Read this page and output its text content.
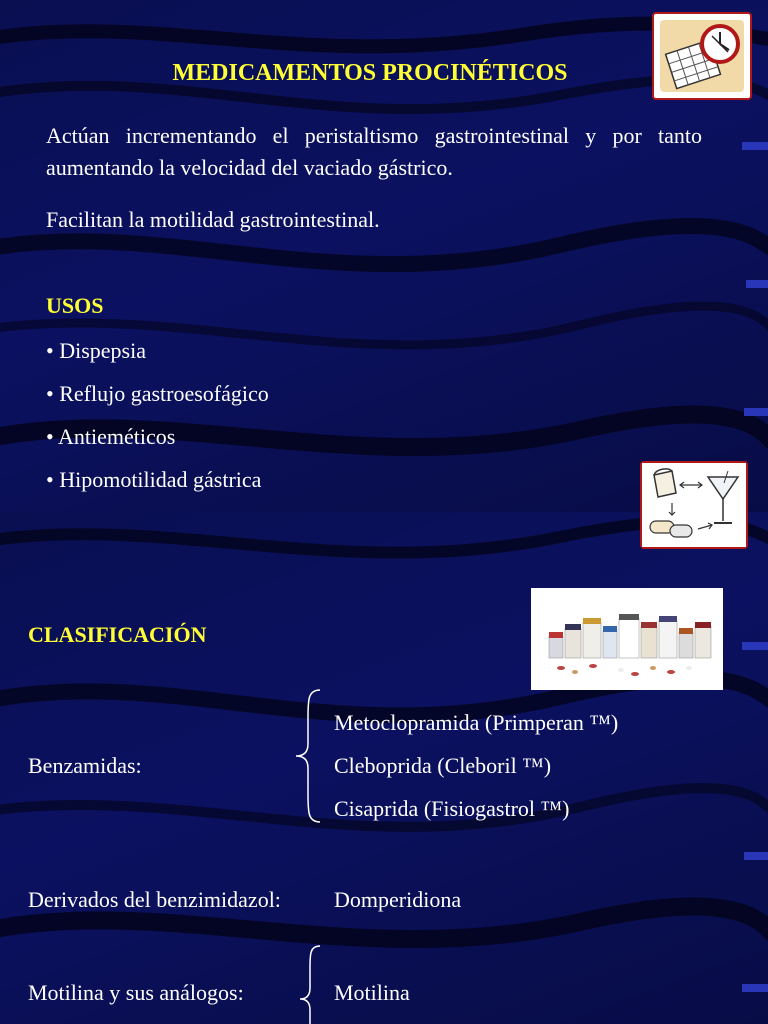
MEDICAMENTOS PROCINÉTICOS
Actúan incrementando el peristaltismo gastrointestinal y por tanto aumentando la velocidad del vaciado gástrico.
Facilitan la motilidad gastrointestinal.
USOS
• Dispepsia
• Reflujo gastroesofágico
• Antieméticos
• Hipomotilidad gástrica
CLASIFICACIÓN
Benzamidas:
Metoclopramida (Primperan ™)
Cleboprida (Cleboril ™)
Cisaprida (Fisiogastrol ™)
Derivados del benzimidazol: Domperidiona
Motilina y sus análogos:	Motilina
